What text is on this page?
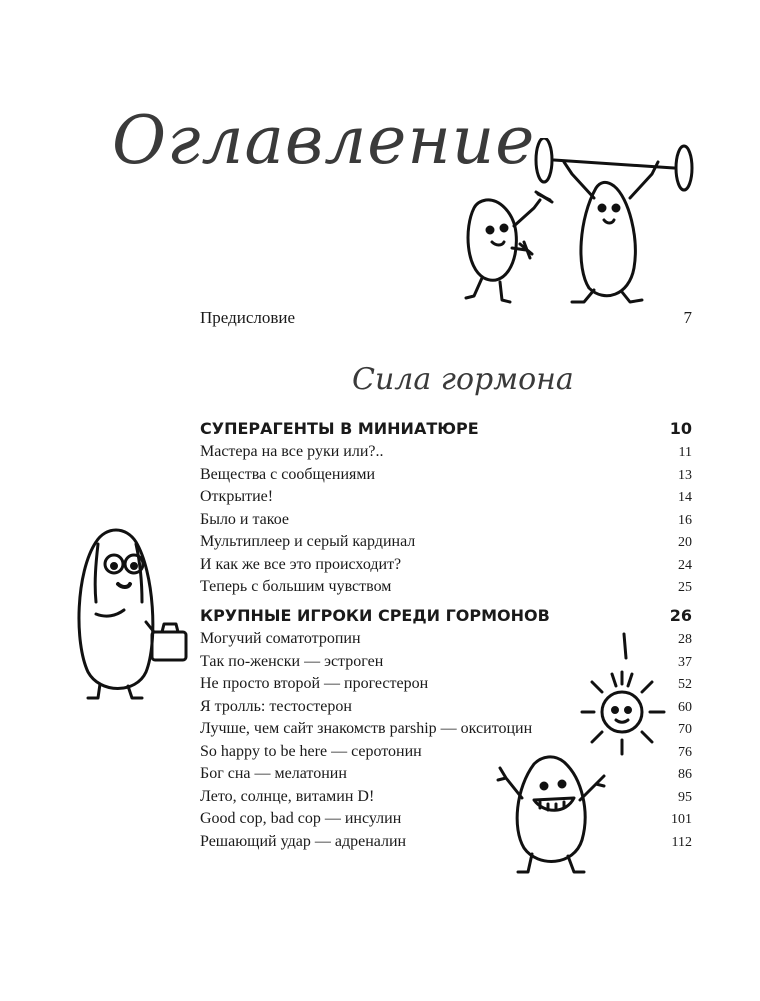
Оглавление
Предисловие	7
Сила гормона
СУПЕРАГЕНТЫ В МИНИАТЮРЕ	10
Мастера на все руки или?..	11
Вещества с сообщениями	13
Открытие!	14
Было и такое	16
Мультиплеер и серый кардинал	20
И как же все это происходит?	24
Теперь с большим чувством	25
КРУПНЫЕ ИГРОКИ СРЕДИ ГОРМОНОВ	26
Могучий соматотропин	28
Так по-женски — эстроген	37
Не просто второй — прогестерон	52
Я тролль: тестостерон	60
Лучше, чем сайт знакомств parship — окситоцин	70
So happy to be here — серотонин	76
Бог сна — мелатонин	86
Лето, солнце, витамин D!	95
Good cop, bad cop — инсулин	101
Решающий удар — адреналин	112
